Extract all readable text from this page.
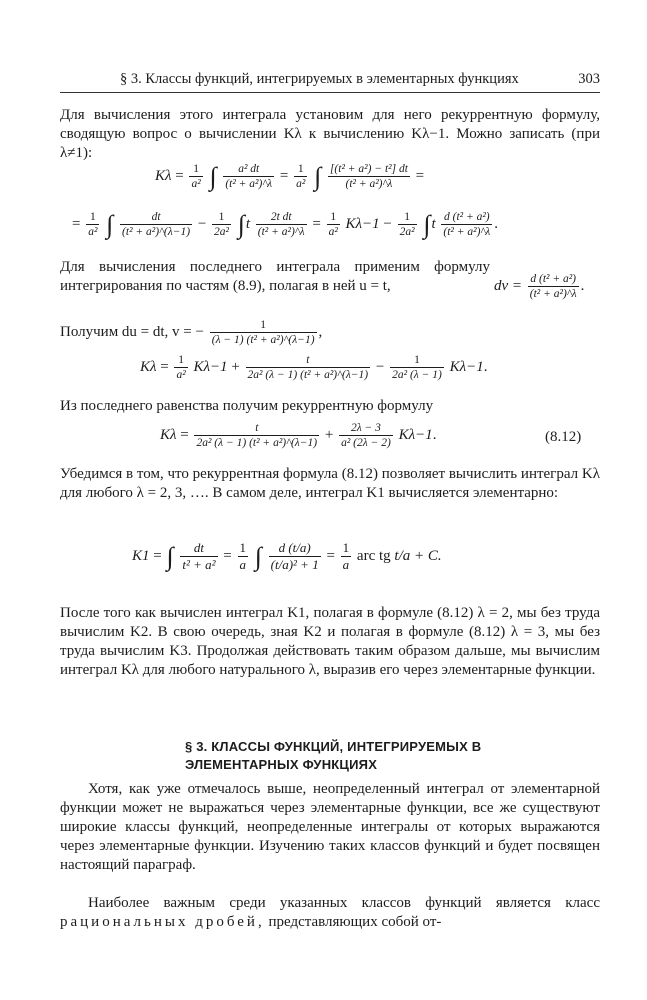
§ 3. Классы функций, интегрируемых в элементарных функциях	303
Для вычисления этого интеграла установим для него рекуррентную формулу, сводящую вопрос о вычислении Kλ к вычислению Kλ−1. Можно записать (при λ≠1):
$K\lambda = \frac{1}{\text{a²}}$ ∫ $\frac{\text{a² dt}}{\text{(t² + a²)\textasciicircum{}λ}} = \frac{1}{\text{a²}}$ ∫ $\frac{\text{[(t² + a²) − t²] dt}}{\text{(t² + a²)\textasciicircum{}λ}}$ =
= $\frac{1}{\text{a²}}$ ∫ $\frac{dt}{\text{(t² + a²)\textasciicircum{}(λ−1)}} - \frac{1}{\text{2a²}} \int t \frac{\text{2t dt}}{\text{(t² + a²)\textasciicircum{}λ}} = \frac{1}{\text{a²}} K\lambda-1 - \frac{1}{\text{2a²}} \int t \frac{\text{d (t² + a²)}}{\text{(t² + a²)\textasciicircum{}λ}}$ .
Для вычисления последнего интеграла применим формулу интегрирования по частям (8.9), полагая в ней u = t,	dv = $\frac{\text{d (t² + a²)}}{\text{(t² + a²)\textasciicircum{}λ}}$ .
Получим du = dt, v = − $\frac{1}{\text{(λ − 1) (t² + a²)\textasciicircum{}(λ−1)}}$ ,
$K\lambda = \frac{1}{\text{a²}} K\lambda-1 + \frac{t}{\text{2a² (λ − 1) (t² + a²)\textasciicircum{}(λ−1)}} - \frac{1}{\text{2a² (λ − 1)}} K\lambda-1$.
Из последнего равенства получим рекуррентную формулу
$K\lambda = \frac{t}{\text{2a² (λ − 1) (t² + a²)\textasciicircum{}(λ−1)}} + \frac{2\lambda - 3}{\text{a² (2λ − 2)}} K\lambda-1$.	(8.12)
Убедимся в том, что рекуррентная формула (8.12) позволяет вычислить интеграл Kλ для любого λ = 2, 3, …. В самом деле, интеграл K1 вычисляется элементарно:
K1 = ∫ $\frac{dt}{\text{t² + a²}} = \frac{1}{a}$ ∫ $\frac{d (t/a)}{\text{(t/a)² + 1}} = \frac{1}{a}$ arc tg t/a + C.
После того как вычислен интеграл K1, полагая в формуле (8.12) λ = 2, мы без труда вычислим K2. В свою очередь, зная K2 и полагая в формуле (8.12) λ = 3, мы без труда вычислим K3. Продолжая действовать таким образом дальше, мы вычислим интеграл Kλ для любого натурального λ, выразив его через элементарные функции.
§ 3. КЛАССЫ ФУНКЦИЙ, ИНТЕГРИРУЕМЫХ В
ЭЛЕМЕНТАРНЫХ ФУНКЦИЯХ
Хотя, как уже отмечалось выше, неопределенный интеграл от элементарной функции может не выражаться через элементарные функции, все же существуют широкие классы функций, неопределенные интегралы от которых выражаются через элементарные функции. Изучению таких классов функций и будет посвящен настоящий параграф.
Наиболее важным среди указанных классов функций является класс рациональных дробей, представляющих собой от-
